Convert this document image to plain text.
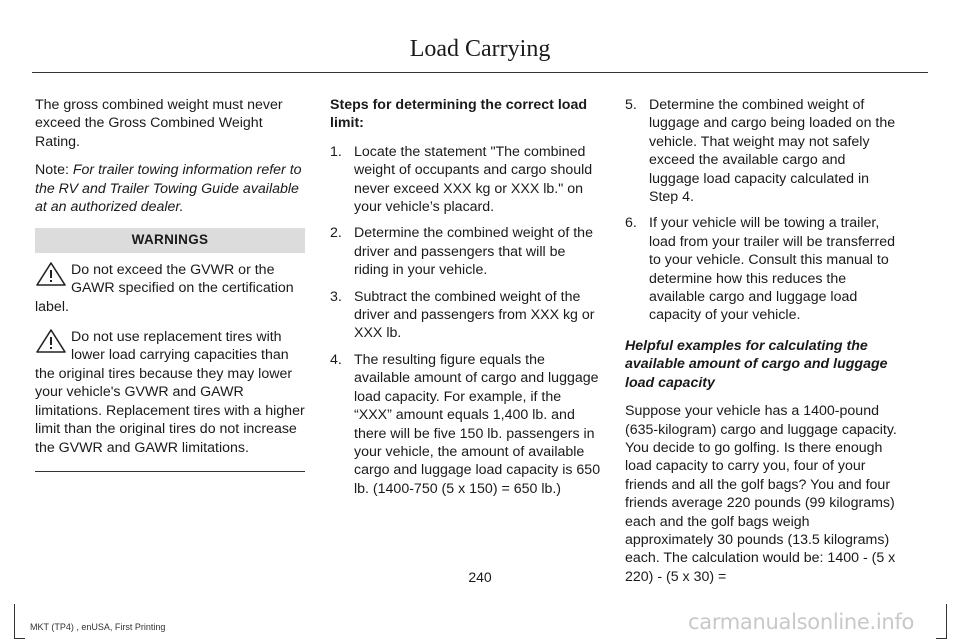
Load Carrying

The gross combined weight must never exceed the Gross Combined Weight Rating.

Note: For trailer towing information refer to the RV and Trailer Towing Guide available at an authorized dealer.

WARNINGS
Do not exceed the GVWR or the GAWR specified on the certification label.
Do not use replacement tires with lower load carrying capacities than the original tires because they may lower your vehicle's GVWR and GAWR limitations. Replacement tires with a higher limit than the original tires do not increase the GVWR and GAWR limitations.

Steps for determining the correct load limit:

1. Locate the statement "The combined weight of occupants and cargo should never exceed XXX kg or XXX lb." on your vehicle’s placard.
2. Determine the combined weight of the driver and passengers that will be riding in your vehicle.
3. Subtract the combined weight of the driver and passengers from XXX kg or XXX lb.
4. The resulting figure equals the available amount of cargo and luggage load capacity. For example, if the “XXX” amount equals 1,400 lb. and there will be five 150 lb. passengers in your vehicle, the amount of available cargo and luggage load capacity is 650 lb. (1400-750 (5 x 150) = 650 lb.)
5. Determine the combined weight of luggage and cargo being loaded on the vehicle. That weight may not safely exceed the available cargo and luggage load capacity calculated in Step 4.
6. If your vehicle will be towing a trailer, load from your trailer will be transferred to your vehicle. Consult this manual to determine how this reduces the available cargo and luggage load capacity of your vehicle.

Helpful examples for calculating the available amount of cargo and luggage load capacity

Suppose your vehicle has a 1400-pound (635-kilogram) cargo and luggage capacity. You decide to go golfing. Is there enough load capacity to carry you, four of your friends and all the golf bags? You and four friends average 220 pounds (99 kilograms) each and the golf bags weigh approximately 30 pounds (13.5 kilograms) each. The calculation would be: 1400 - (5 x 220) - (5 x 30) =

240
MKT (TP4) , enUSA, First Printing	carmanualsonline.info
